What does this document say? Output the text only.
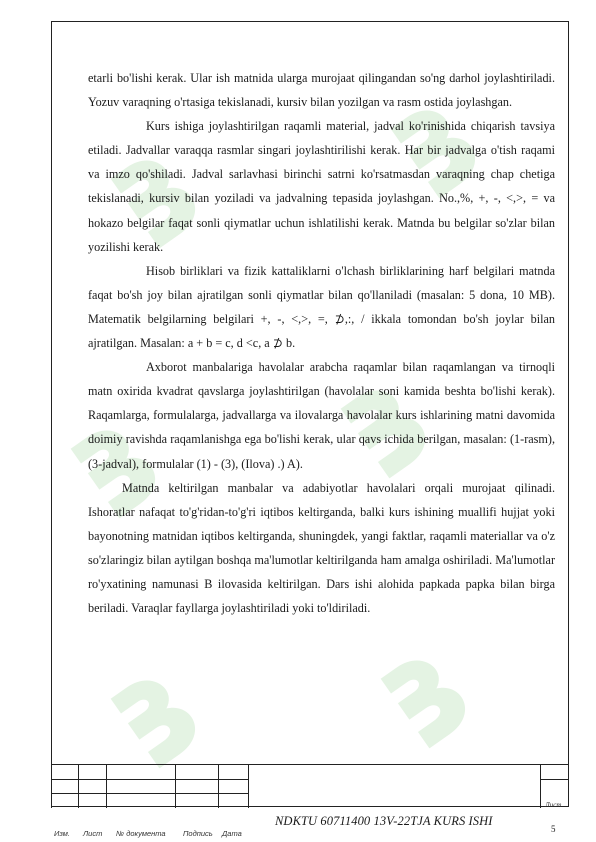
etarli bo'lishi kerak. Ular ish matnida ularga murojaat qilingandan so'ng darhol joylashtiriladi. Yozuv varaqning o'rtasiga tekislanadi, kursiv bilan yozilgan va rasm ostida joylashgan.

Kurs ishiga joylashtirilgan raqamli material, jadval ko'rinishida chiqarish tavsiya etiladi. Jadvallar varaqqa rasmlar singari joylashtirilishi kerak. Har bir jadvalga o'tish raqami va imzo qo'shiladi. Jadval sarlavhasi birinchi satrni ko'rsatmasdan varaqning chap chetiga tekislanadi, kursiv bilan yoziladi va jadvalning tepasida joylashgan. No.,%, +, -, <,>, = va hokazo belgilar faqat sonli qiymatlar uchun ishlatilishi kerak. Matnda bu belgilar so'zlar bilan yozilishi kerak.

Hisob birliklari va fizik kattaliklarni o'lchash birliklarining harf belgilari matnda faqat bo'sh joy bilan ajratilgan sonli qiymatlar bilan qo'llaniladi (masalan: 5 dona, 10 MB). Matematik belgilarning belgilari +, -, <,>, =, ⊅,:, / ikkala tomondan bo'sh joylar bilan ajratilgan. Masalan: a + b = c, d <c, a ⊅ b.

Axborot manbalariga havolalar arabcha raqamlar bilan raqamlangan va tirnoqli matn oxirida kvadrat qavslarga joylashtirilgan (havolalar soni kamida beshta bo'lishi kerak). Raqamlarga, formulalarga, jadvallarga va ilovalarga havolalar kurs ishlarining matni davomida doimiy ravishda raqamlanishga ega bo'lishi kerak, ular qavs ichida berilgan, masalan: (1-rasm), (3-jadval), formulalar (1) - (3), (Ilova) .) A).

Matnda keltirilgan manbalar va adabiyotlar havolalari orqali murojaat qilinadi. Ishoratlar nafaqat to'g'ridan-to'g'ri iqtibos keltirganda, balki kurs ishining muallifi hujjat yoki bayonotning matnidan iqtibos keltirganda, shuningdek, yangi faktlar, raqamli materiallar va o'z so'zlaringiz bilan aytilgan boshqa ma'lumotlar keltirilganda ham amalga oshiriladi. Ma'lumotlar ro'yxatining namunasi B ilovasida keltirilgan. Dars ishi alohida papkada papka bilan birga beriladi. Varaqlar fayllarga joylashtiriladi yoki to'ldiriladi.

NDKTU 60711400 13V-22TJA KURS ISHI
Лист
5
Изм. Лист № документа Подпись Дата
